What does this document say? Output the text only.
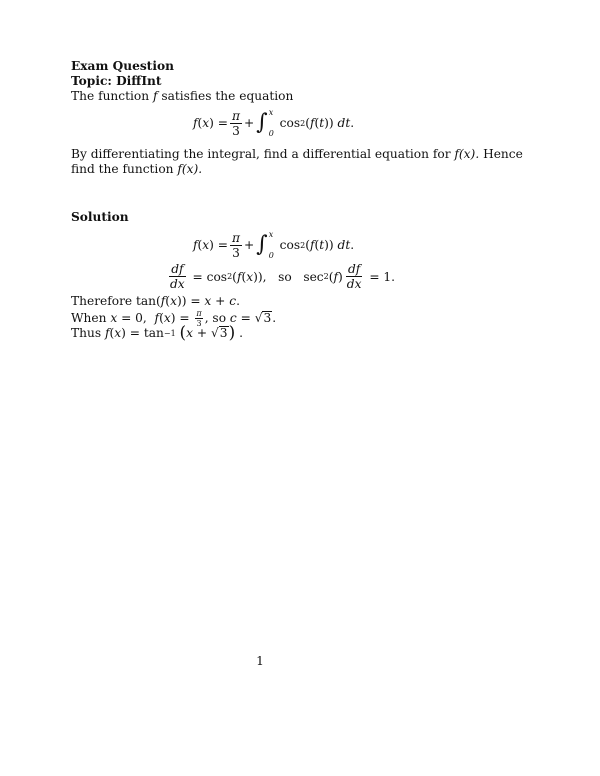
Exam Question
Topic: DiffInt
The function f satisfies the equation
f ( x ) = $\frac{\pi}{3}$ + ∫ x
0
cos 2 ( f ( t )) dt .
By differentiating the integral, find a differential equation for f(x). Hence
find the function f(x).
Solution
f ( x ) = $\frac{\pi}{3}$ + ∫ x
0
cos 2 ( f ( t )) dt .
$\frac{df}{dx} = \cos 2$ ( f ( x )), so sec 2 ( f ) $\frac{df}{dx} = 1$.
Therefore tan(f(x)) = x + c.
When
x = 0, f ( x ) = $\frac{\pi}{3}$ , so
c = √ 3 .
Thus
f ( x ) = tan −1
( x + √ 3 ) .
1
